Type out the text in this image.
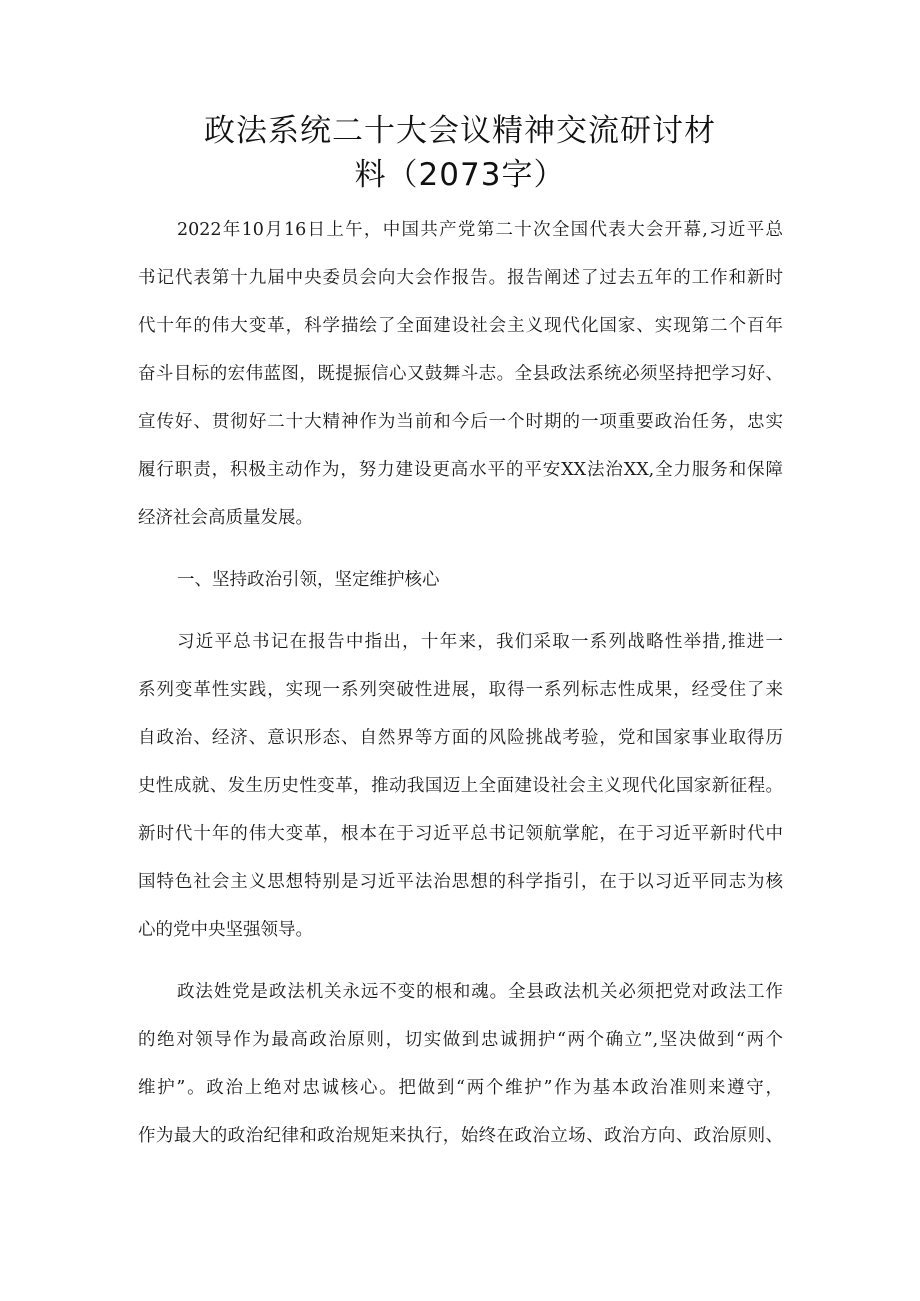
政法系统二十大会议精神交流研讨材
料（2073字）
2022年10月16日上午，中国共产党第二十次全国代表大会开幕,习近平总
书记代表第十九届中央委员会向大会作报告。报告阐述了过去五年的工作和新时
代十年的伟大变革，科学描绘了全面建设社会主义现代化国家、实现第二个百年
奋斗目标的宏伟蓝图，既提振信心又鼓舞斗志。全县政法系统必须坚持把学习好、
宣传好、贯彻好二十大精神作为当前和今后一个时期的一项重要政治任务，忠实
履行职责，积极主动作为，努力建设更高水平的平安XX法治XX,全力服务和保障
经济社会高质量发展。
一、坚持政治引领，坚定维护核心
习近平总书记在报告中指出，十年来，我们采取一系列战略性举措,推进一
系列变革性实践，实现一系列突破性进展，取得一系列标志性成果，经受住了来
自政治、经济、意识形态、自然界等方面的风险挑战考验，党和国家事业取得历
史性成就、发生历史性变革，推动我国迈上全面建设社会主义现代化国家新征程。
新时代十年的伟大变革，根本在于习近平总书记领航掌舵，在于习近平新时代中
国特色社会主义思想特别是习近平法治思想的科学指引，在于以习近平同志为核
心的党中央坚强领导。
政法姓党是政法机关永远不变的根和魂。全县政法机关必须把党对政法工作
的绝对领导作为最高政治原则，切实做到忠诚拥护“两个确立”,坚决做到“两个
维护”。政治上绝对忠诚核心。把做到“两个维护”作为基本政治准则来遵守，
作为最大的政治纪律和政治规矩来执行，始终在政治立场、政治方向、政治原则、
